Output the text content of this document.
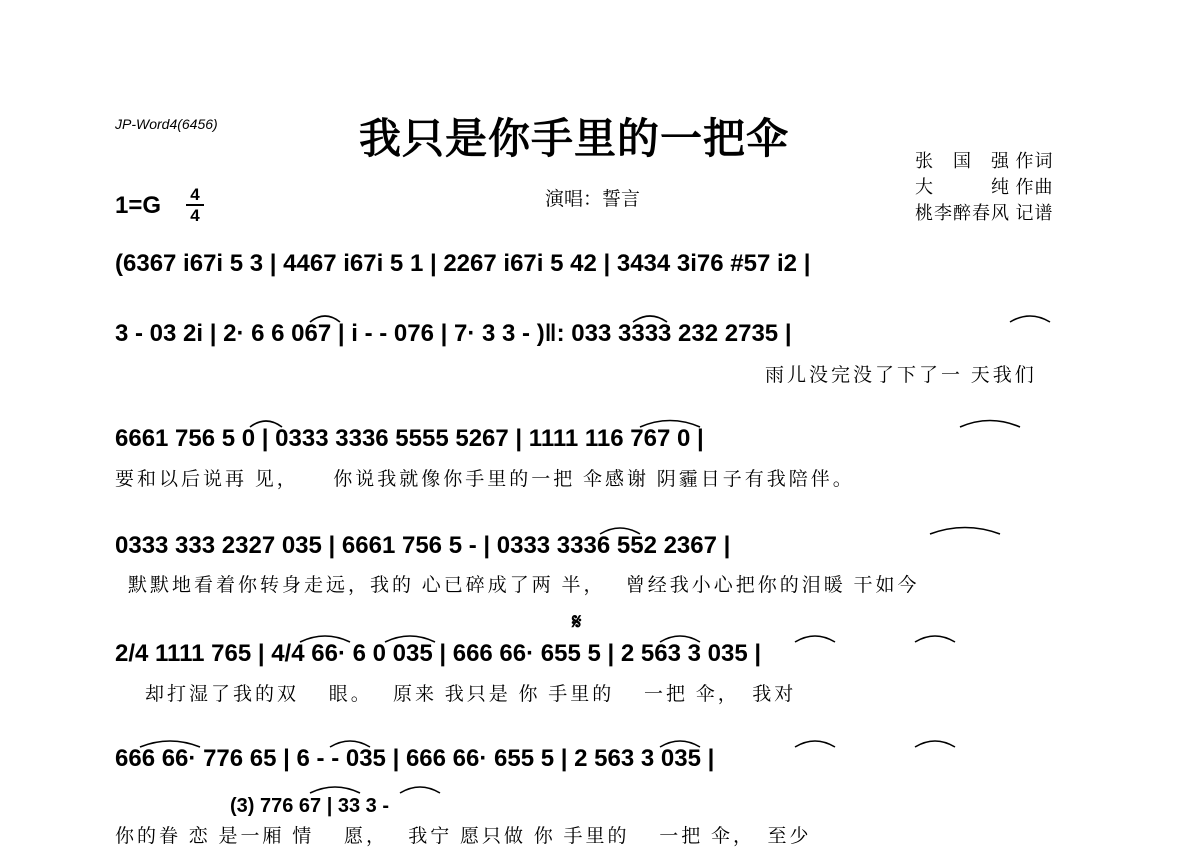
JP-Word4(6456)	我只是你手里的一把伞
1=G	4
4
演唱：誓言
张　国　强 作词
大　　　纯 作曲
桃李醉春风 记谱
(6367 i67i 5 3 | 4467 i67i 5 1 | 2267 i67i 5 42 | 3434 3i76 #57 i2 |
3 - 03 2i | 2· 6 6 067 | i - - 076 | 7· 3 3 - )‖: 033 3333 232 2735 |
雨儿没完没了下了一 天我们
6661 756 5 0 | 0333 3336 5555 5267 | 1111 116 767 0 |
要和以后说再 见，　　你说我就像你手里的一把 伞感谢 阴霾日子有我陪伴。
0333 333 2327 035 | 6661 756 5 - | 0333 3336 552 2367 |
默默地看着你转身走远，我的 心已碎成了两 半，　 曾经我小心把你的泪暖 干如今
𝄋
2/4 1111 765 | 4/4 66· 6 0 035 | 666 66· 655 5 | 2 563 3 035 |
却打湿了我的双　 眼。　 原来 我只是 你 手里的　 一把 伞，　我对
666 66· 776 65 | 6 - - 035 | 666 66· 655 5 | 2 563 3 035 |
(3) 776 67 | 33 3 -
你的眷 恋 是一厢 情　 愿，　 我宁 愿只做 你 手里的　 一把 伞，　至少
